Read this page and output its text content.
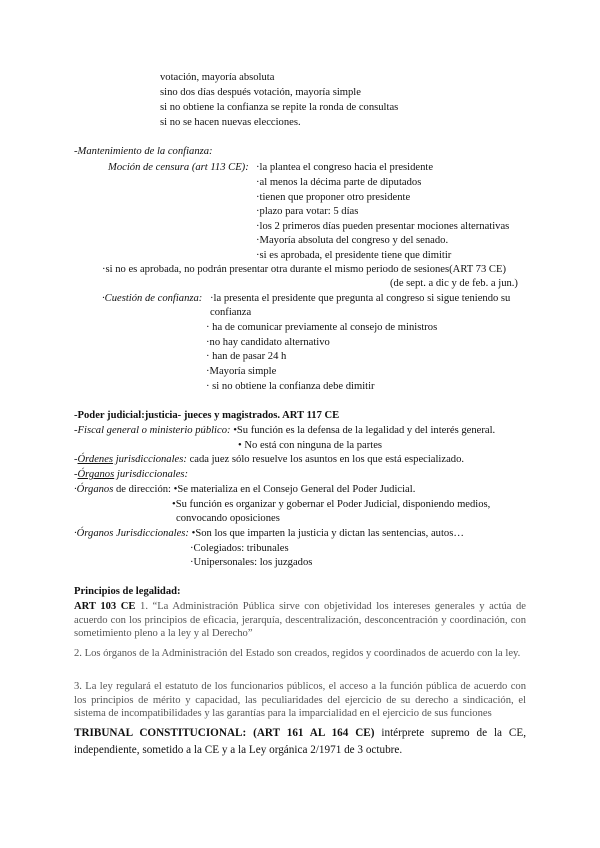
votación, mayoría absoluta
sino dos días después votación, mayoría simple
si no obtiene la confianza se repite la ronda de consultas
si no se hacen nuevas elecciones.
-Mantenimiento de la confianza:
Moción de censura (art 113 CE): ·la plantea el congreso hacia el presidente
·al menos la décima parte de diputados
·tienen que proponer otro presidente
·plazo para votar: 5 días
·los 2 primeros días pueden presentar mociones alternativas
·Mayoría absoluta del congreso y del senado.
·si es aprobada, el presidente tiene que dimitir
·si no es aprobada, no podrán presentar otra durante el mismo periodo de sesiones(ART 73 CE)
(de sept. a dic y de feb. a jun.)
·Cuestión de confianza: ·la presenta el presidente que pregunta al congreso si sigue teniendo su
confianza
· ha de comunicar previamente al consejo de ministros
·no hay candidato alternativo
· han de pasar 24 h
·Mayoría simple
· si no obtiene la confianza debe dimitir
-Poder judicial:justicia- jueces y magistrados. ART 117 CE
-Fiscal general o ministerio público: •Su función es la defensa de la legalidad y del interés general.
• No está con ninguna de la partes
-Órdenes jurisdiccionales: cada juez sólo resuelve los asuntos en los que está especializado.
-Órganos jurisdiccionales:
·Órganos de dirección: •Se materializa en el Consejo General del Poder Judicial.
•Su función es organizar y gobernar el Poder Judicial, disponiendo medios,
convocando oposiciones
·Órganos Jurisdiccionales: •Son los que imparten la justicia y dictan las sentencias, autos…
·Colegiados: tribunales
·Unipersonales: los juzgados
Principios de legalidad:
ART 103 CE 1. “La Administración Pública sirve con objetividad los intereses generales y actúa de acuerdo con los principios de eficacia, jerarquía, descentralización, desconcentración y coordinación, con sometimiento pleno a la ley y al Derecho”
2. Los órganos de la Administración del Estado son creados, regidos y coordinados de acuerdo con la ley.
3. La ley regulará el estatuto de los funcionarios públicos, el acceso a la función pública de acuerdo con los principios de mérito y capacidad, las peculiaridades del ejercicio de su derecho a sindicación, el sistema de incompatibilidades y las garantías para la imparcialidad en el ejercicio de sus funciones
TRIBUNAL CONSTITUCIONAL: (ART 161 AL 164 CE) intérprete supremo de la CE, independiente, sometido a la CE y a la Ley orgánica 2/1971 de 3 octubre.
